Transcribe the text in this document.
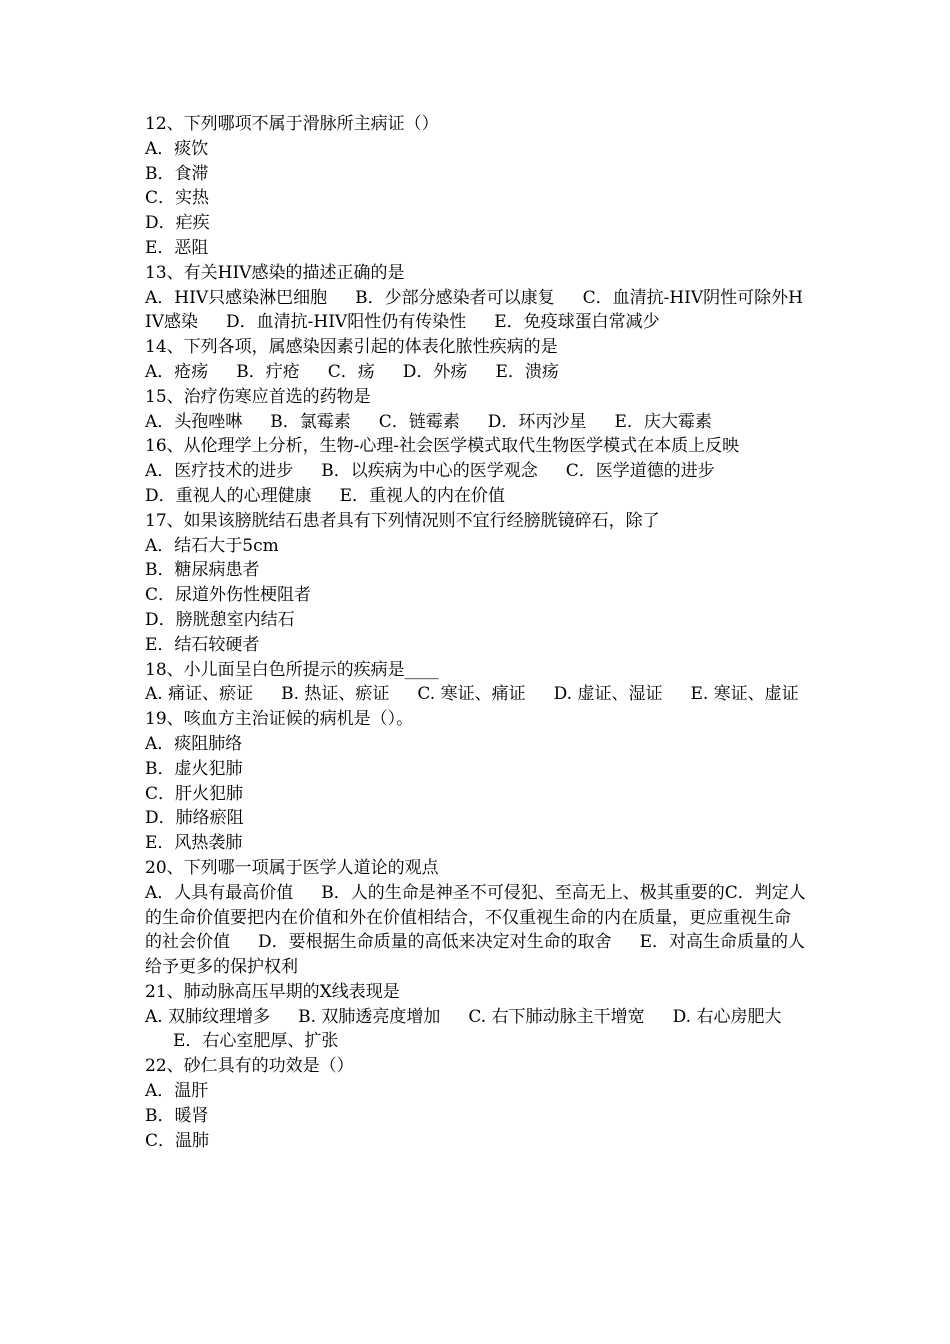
12、下列哪项不属于滑脉所主病证（）

A．痰饮

B．食滞

C．实热

D．疟疾

E．恶阻

13、有关HIV感染的描述正确的是

A．HIV只感染淋巴细胞 B．少部分感染者可以康复 C．血清抗-HIV阴性可除外HIV感染 D．血清抗-HIV阳性仍有传染性 E．免疫球蛋白常减少

14、下列各项，属感染因素引起的体表化脓性疾病的是

A．疮疡 B．疔疮 C．疡 D．外疡 E．溃疡

15、治疗伤寒应首选的药物是

A．头孢唑啉 B．氯霉素 C．链霉素 D．环丙沙星 E．庆大霉素

16、从伦理学上分析，生物-心理-社会医学模式取代生物医学模式在本质上反映

A．医疗技术的进步 B．以疾病为中心的医学观念 C．医学道德的进步

D．重视人的心理健康 E．重视人的内在价值

17、如果该膀胱结石患者具有下列情况则不宜行经膀胱镜碎石，除了

A．结石大于5cm

B．糖尿病患者

C．尿道外伤性梗阻者

D．膀胱憩室内结石

E．结石较硬者

18、小儿面呈白色所提示的疾病是____

A. 痛证、瘀证 B. 热证、瘀证 C. 寒证、痛证 D. 虚证、湿证 E. 寒证、虚证

19、咳血方主治证候的病机是（）。

A．痰阻肺络

B．虚火犯肺

C．肝火犯肺

D．肺络瘀阻

E．风热袭肺

20、下列哪一项属于医学人道论的观点

A．人具有最高价值 B．人的生命是神圣不可侵犯、至高无上、极其重要的C．判定人的生命价值要把内在价值和外在价值相结合，不仅重视生命的内在质量，更应重视生命的社会价值 D．要根据生命质量的高低来决定对生命的取舍 E．对高生命质量的人给予更多的保护权利

21、肺动脉高压早期的X线表现是

A. 双肺纹理增多 B. 双肺透亮度增加 C. 右下肺动脉主干增宽 D. 右心房肥大E．右心室肥厚、扩张

22、砂仁具有的功效是（）

A．温肝

B．暖肾

C．温肺
